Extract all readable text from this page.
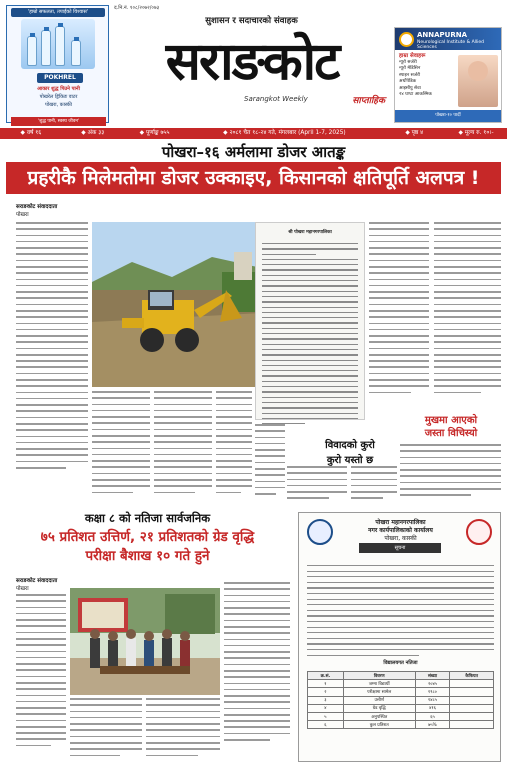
'हाम्रो सफलता, तपाईंको विश्वास'
POKHREL
आकार शुद्ध पिउने पानी
पोखरेल ड्रिंकिङ वाटर
पोखरा, कास्की
'शुद्ध पानी, स्वस्थ जीवन'
द.नि.नं. १०८/२०७२/०७३
सुशासन र सदाचारको संवाहक
सराङकोट
Sarangkot Weekly	साप्ताहिक
ANNAPURNA
Neurological Institute & Allied Sciences
हाम्रा सेवाहरू
न्यूरो सर्जरी
न्यूरो मेडिसिन
स्पाइन सर्जरी
अर्थोपेडिक
आइसीयु सेवा
२४ घण्टा आकस्मिक
पोखरा-१० पार्दी
◆ वर्ष १६	◆ अंक ३३	◆ पूर्णाङ्क ७५५	◆ २०८१ चैत १८-२४ गते, मंगलबार (April 1-7, 2025)	◆ पृष्ठ ४	◆ मूल्य रु. १०।-
पोखरा–१६ अर्मलामा डोजर आतङ्क
प्रहरीकै मिलेमतोमा डोजर उक्काइए, किसानको क्षतिपूर्ति अलपत्र !
सराङकोट संवाददाता
पोखरा
श्री पोखरा महानगरपालिका
विवादको कुरो
कुरो यस्तो छ
मुखमा आएको
जस्ता विचिस्यो
कक्षा ८ को नतिजा सार्वजनिक
७५ प्रतिशत उत्तिर्ण, २१ प्रतिशतको ग्रेड वृद्धि
परीक्षा बैशाख १० गते हुने
सराङकोट संवाददाता
पोखरा
पोखरा महानगरपालिका
नगर कार्यपालिकाको कार्यालय
पोखरा, कास्की
सूचना
विद्यालयगत नतिजा
क्र.सं.	विवरण	संख्या	कैफियत
१	जम्मा विद्यार्थी	२०४५	
२	परीक्षामा सामेल	१९८०	
३	उत्तीर्ण	१४८५	
४	ग्रेड वृद्धि	४१६	
५	अनुपस्थित	६५	
६	कुल प्रतिशत	७५%	
